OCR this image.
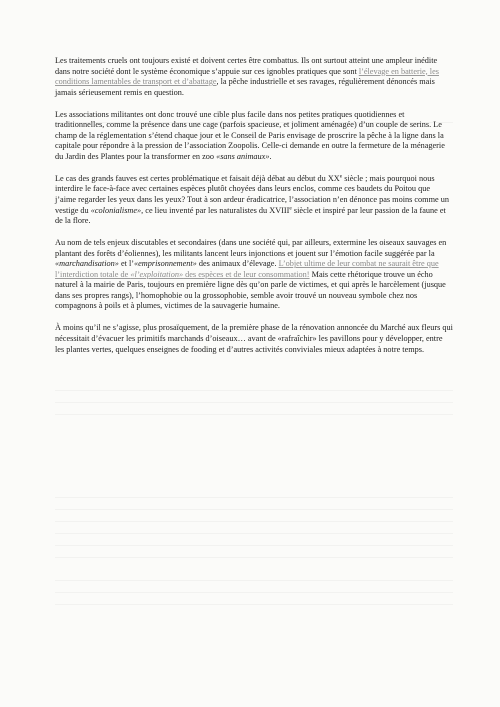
Les traitements cruels ont toujours existé et doivent certes être combattus. Ils ont surtout atteint une ampleur inédite dans notre société dont le système économique s’appuie sur ces ignobles pratiques que sont l’élevage en batterie, les conditions lamentables de transport et d’abattage, la pêche industrielle et ses ravages, régulièrement dénoncés mais jamais sérieusement remis en question.

Les associations militantes ont donc trouvé une cible plus facile dans nos petites pratiques quotidiennes et traditionnelles, comme la présence dans une cage (parfois spacieuse, et joliment aménagée) d’un couple de serins. Le champ de la réglementation s’étend chaque jour et le Conseil de Paris envisage de proscrire la pêche à la ligne dans la capitale pour répondre à la pression de l’association Zoopolis. Celle-ci demande en outre la fermeture de la ménagerie du Jardin des Plantes pour la transformer en zoo «sans animaux».

Le cas des grands fauves est certes problématique et faisait déjà débat au début du XXe siècle ; mais pourquoi nous interdire le face-à-face avec certaines espèces plutôt choyées dans leurs enclos, comme ces baudets du Poitou que j’aime regarder les yeux dans les yeux? Tout à son ardeur éradicatrice, l’association n’en dénonce pas moins comme un vestige du «colonialisme», ce lieu inventé par les naturalistes du XVIIIe siècle et inspiré par leur passion de la faune et de la flore.

Au nom de tels enjeux discutables et secondaires (dans une société qui, par ailleurs, extermine les oiseaux sauvages en plantant des forêts d’éoliennes), les militants lancent leurs injonctions et jouent sur l’émotion facile suggérée par la «marchandisation» et l’«emprisonnement» des animaux d’élevage. L’objet ultime de leur combat ne saurait être que l’interdiction totale de «l’exploitation» des espèces et de leur consommation! Mais cette rhétorique trouve un écho naturel à la mairie de Paris, toujours en première ligne dès qu’on parle de victimes, et qui après le harcèlement (jusque dans ses propres rangs), l’homophobie ou la grossophobie, semble avoir trouvé un nouveau symbole chez nos compagnons à poils et à plumes, victimes de la sauvagerie humaine.

À moins qu’il ne s’agisse, plus prosaïquement, de la première phase de la rénovation annoncée du Marché aux fleurs qui nécessitait d’évacuer les primitifs marchands d’oiseaux… avant de «rafraîchir» les pavillons pour y développer, entre les plantes vertes, quelques enseignes de fooding et d’autres activités conviviales mieux adaptées à notre temps.
